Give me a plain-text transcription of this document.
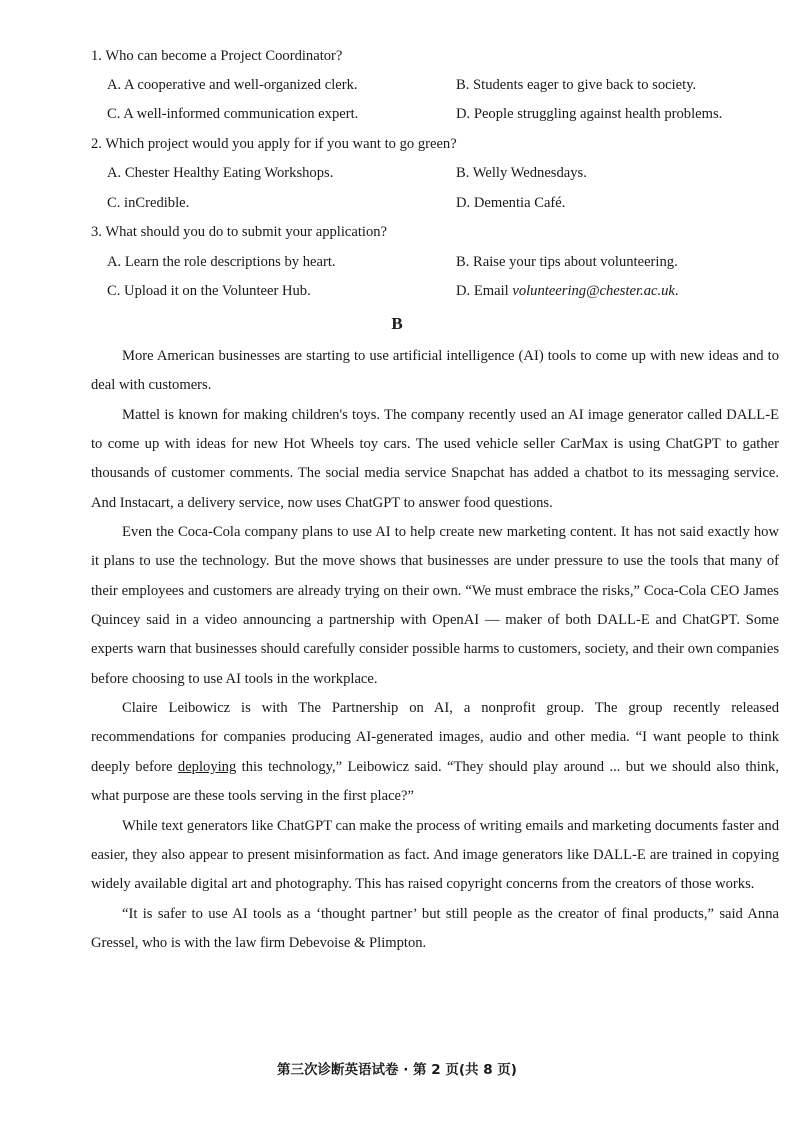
1. Who can become a Project Coordinator?
A. A cooperative and well-organized clerk.	B. Students eager to give back to society.
C. A well-informed communication expert.	D. People struggling against health problems.
2. Which project would you apply for if you want to go green?
A. Chester Healthy Eating Workshops.	B. Welly Wednesdays.
C. inCredible.	D. Dementia Café.
3. What should you do to submit your application?
A. Learn the role descriptions by heart.	B. Raise your tips about volunteering.
C. Upload it on the Volunteer Hub.	D. Email volunteering@chester.ac.uk.
B

More American businesses are starting to use artificial intelligence (AI) tools to come up with new ideas and to deal with customers.

Mattel is known for making children's toys. The company recently used an AI image generator called DALL-E to come up with ideas for new Hot Wheels toy cars. The used vehicle seller CarMax is using ChatGPT to gather thousands of customer comments. The social media service Snapchat has added a chatbot to its messaging service. And Instacart, a delivery service, now uses ChatGPT to answer food questions.

Even the Coca-Cola company plans to use AI to help create new marketing content. It has not said exactly how it plans to use the technology. But the move shows that businesses are under pressure to use the tools that many of their employees and customers are already trying on their own. “We must embrace the risks,” Coca-Cola CEO James Quincey said in a video announcing a partnership with OpenAI — maker of both DALL-E and ChatGPT. Some experts warn that businesses should carefully consider possible harms to customers, society, and their own companies before choosing to use AI tools in the workplace.

Claire Leibowicz is with The Partnership on AI, a nonprofit group. The group recently released recommendations for companies producing AI-generated images, audio and other media. “I want people to think deeply before deploying this technology,” Leibowicz said. “They should play around ... but we should also think, what purpose are these tools serving in the first place?”

While text generators like ChatGPT can make the process of writing emails and marketing documents faster and easier, they also appear to present misinformation as fact. And image generators like DALL-E are trained in copying widely available digital art and photography. This has raised copyright concerns from the creators of those works.

“It is safer to use AI tools as a ‘thought partner’ but still people as the creator of final products,” said Anna Gressel, who is with the law firm Debevoise & Plimpton.

第三次诊断英语试卷 · 第 2 页(共 8 页)
